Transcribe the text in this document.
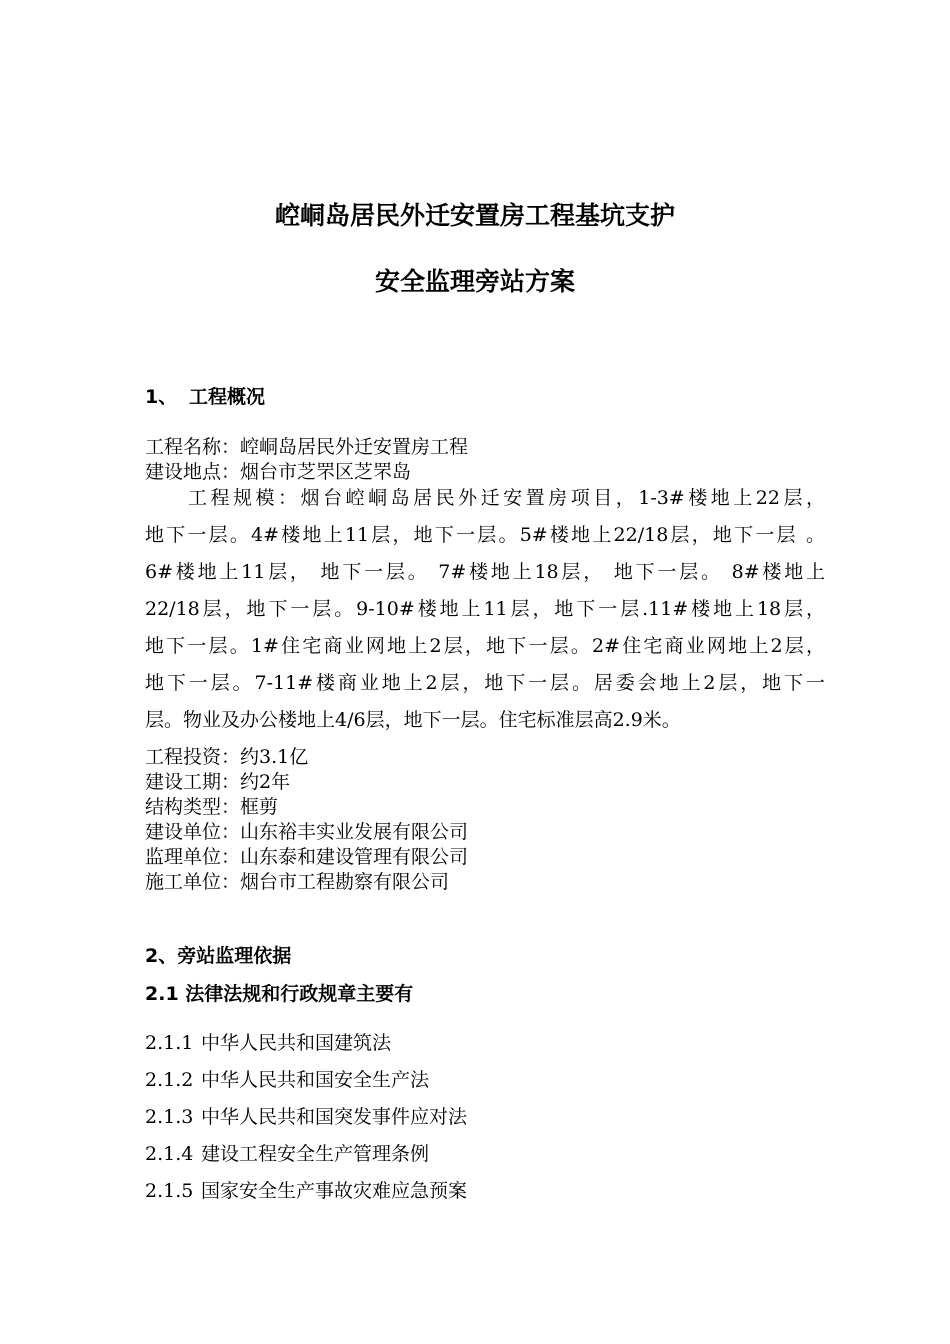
崆峒岛居民外迁安置房工程基坑支护
安全监理旁站方案
1、 工程概况
工程名称：崆峒岛居民外迁安置房工程
建设地点：烟台市芝罘区芝罘岛
工程规模：烟台崆峒岛居民外迁安置房项目，1-3#楼地上22层，
地下一层。4#楼地上11层，地下一层。5#楼地上22/18层，地下一层 。
6#楼地上11层， 地下一层。 7#楼地上18层， 地下一层。 8#楼地上
22/18层，地下一层。9-10#楼地上11层，地下一层.11#楼地上18层，
地下一层。1#住宅商业网地上2层，地下一层。2#住宅商业网地上2层，
地下一层。7-11#楼商业地上2层，地下一层。居委会地上2层，地下一
层。物业及办公楼地上4/6层，地下一层。住宅标准层高2.9米。
工程投资：约3.1亿
建设工期：约2年
结构类型：框剪
建设单位：山东裕丰实业发展有限公司
监理单位：山东泰和建设管理有限公司
施工单位：烟台市工程勘察有限公司
2、旁站监理依据
2.1 法律法规和行政规章主要有
2.1.1 中华人民共和国建筑法
2.1.2 中华人民共和国安全生产法
2.1.3 中华人民共和国突发事件应对法
2.1.4 建设工程安全生产管理条例
2.1.5 国家安全生产事故灾难应急预案
